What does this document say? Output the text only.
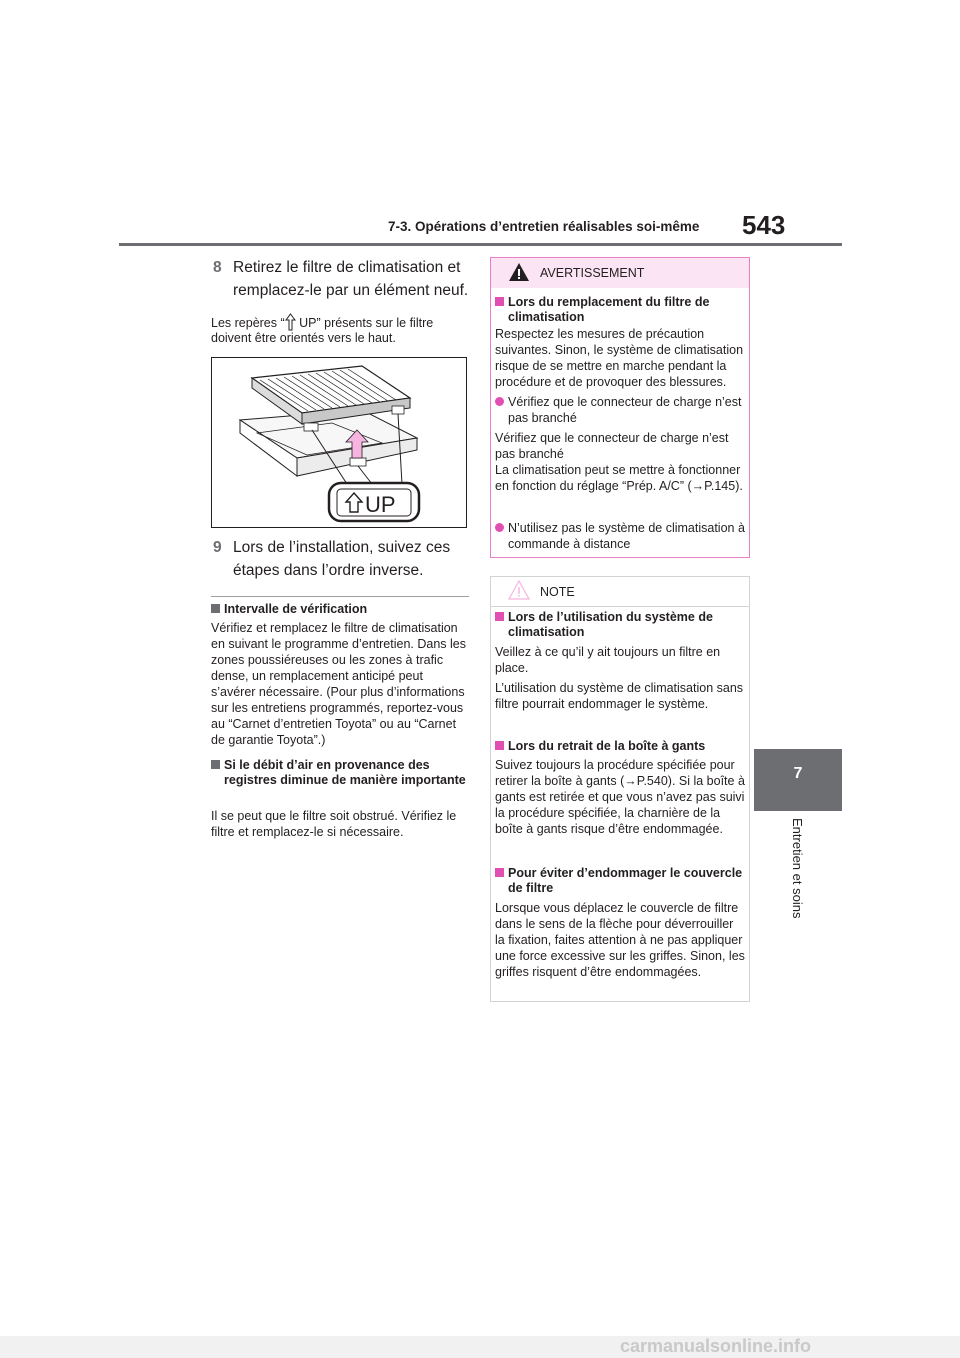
7-3. Opérations d’entretien réalisables soi-même 543
7
Entretien et soins
8 Retirez le filtre de climatisation et remplacez-le par un élément neuf.
Les repères “ UP” présents sur le filtre doivent être orientés vers le haut.
UP
9 Lors de l’installation, suivez ces étapes dans l’ordre inverse.
Intervalle de vérification
Vérifiez et remplacez le filtre de climatisation en suivant le programme d’entretien. Dans les zones poussiéreuses ou les zones à trafic dense, un remplacement anticipé peut s’avérer nécessaire. (Pour plus d’informations sur les entretiens programmés, reportez-vous au “Carnet d’entretien Toyota” ou au “Carnet de garantie Toyota”.)
Si le débit d’air en provenance des registres diminue de manière importante
Il se peut que le filtre soit obstrué. Vérifiez le filtre et remplacez-le si nécessaire.
AVERTISSEMENT
Lors du remplacement du filtre de climatisation
Respectez les mesures de précaution suivantes. Sinon, le système de climatisation risque de se mettre en marche pendant la procédure et de provoquer des blessures.
Vérifiez que le connecteur de charge n’est pas branché
Vérifiez que le connecteur de charge n’est pas branché
La climatisation peut se mettre à fonctionner en fonction du réglage “Prép. A/C” (→P.145).
N’utilisez pas le système de climatisation à commande à distance
NOTE
Lors de l’utilisation du système de climatisation
Veillez à ce qu’il y ait toujours un filtre en place.
L’utilisation du système de climatisation sans filtre pourrait endommager le système.
Lors du retrait de la boîte à gants
Suivez toujours la procédure spécifiée pour retirer la boîte à gants (→P.540). Si la boîte à gants est retirée et que vous n’avez pas suivi la procédure spécifiée, la charnière de la boîte à gants risque d’être endommagée.
Pour éviter d’endommager le couvercle de filtre
Lorsque vous déplacez le couvercle de filtre dans le sens de la flèche pour déverrouiller la fixation, faites attention à ne pas appliquer une force excessive sur les griffes. Sinon, les griffes risquent d’être endommagées.
carmanualsonline.info
